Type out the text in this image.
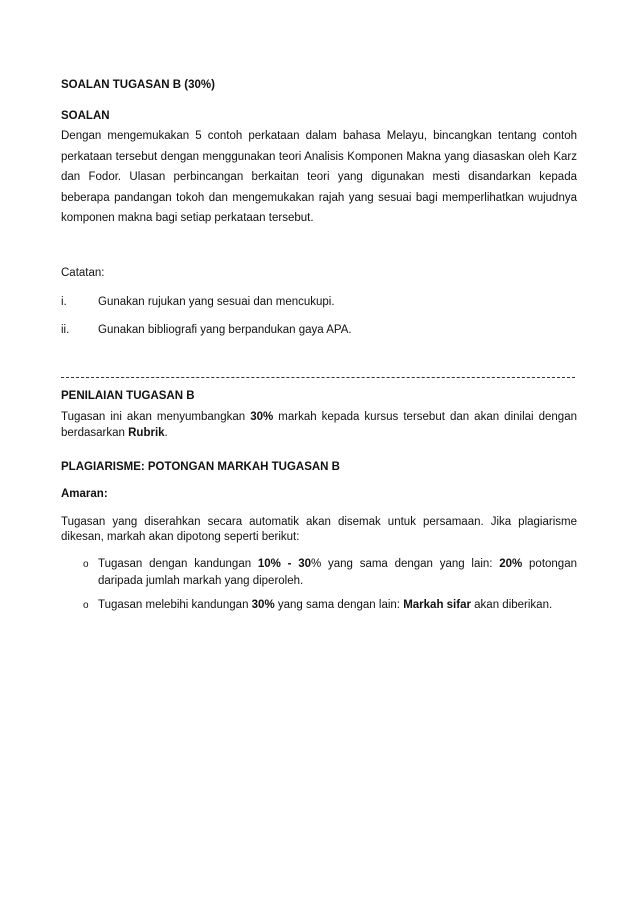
SOALAN TUGASAN B (30%)

SOALAN

Dengan mengemukakan 5 contoh perkataan dalam bahasa Melayu, bincangkan tentang contoh perkataan tersebut dengan menggunakan teori Analisis Komponen Makna yang diasaskan oleh Karz dan Fodor. Ulasan perbincangan berkaitan teori yang digunakan mesti disandarkan kepada beberapa pandangan tokoh dan mengemukakan rajah yang sesuai bagi memperlihatkan wujudnya komponen makna bagi setiap perkataan tersebut.

Catatan:

i.	Gunakan rujukan yang sesuai dan mencukupi.
ii. Gunakan bibliografi yang berpandukan gaya APA.

PENILAIAN TUGASAN B

Tugasan ini akan menyumbangkan 30% markah kepada kursus tersebut dan akan dinilai dengan berdasarkan Rubrik.

PLAGIARISME: POTONGAN MARKAH TUGASAN B

Amaran:

Tugasan yang diserahkan secara automatik akan disemak untuk persamaan. Jika plagiarisme dikesan, markah akan dipotong seperti berikut:

o Tugasan dengan kandungan 10% - 30% yang sama dengan yang lain: 20% potongan daripada jumlah markah yang diperoleh.

o Tugasan melebihi kandungan 30% yang sama dengan lain: Markah sifar akan diberikan.
